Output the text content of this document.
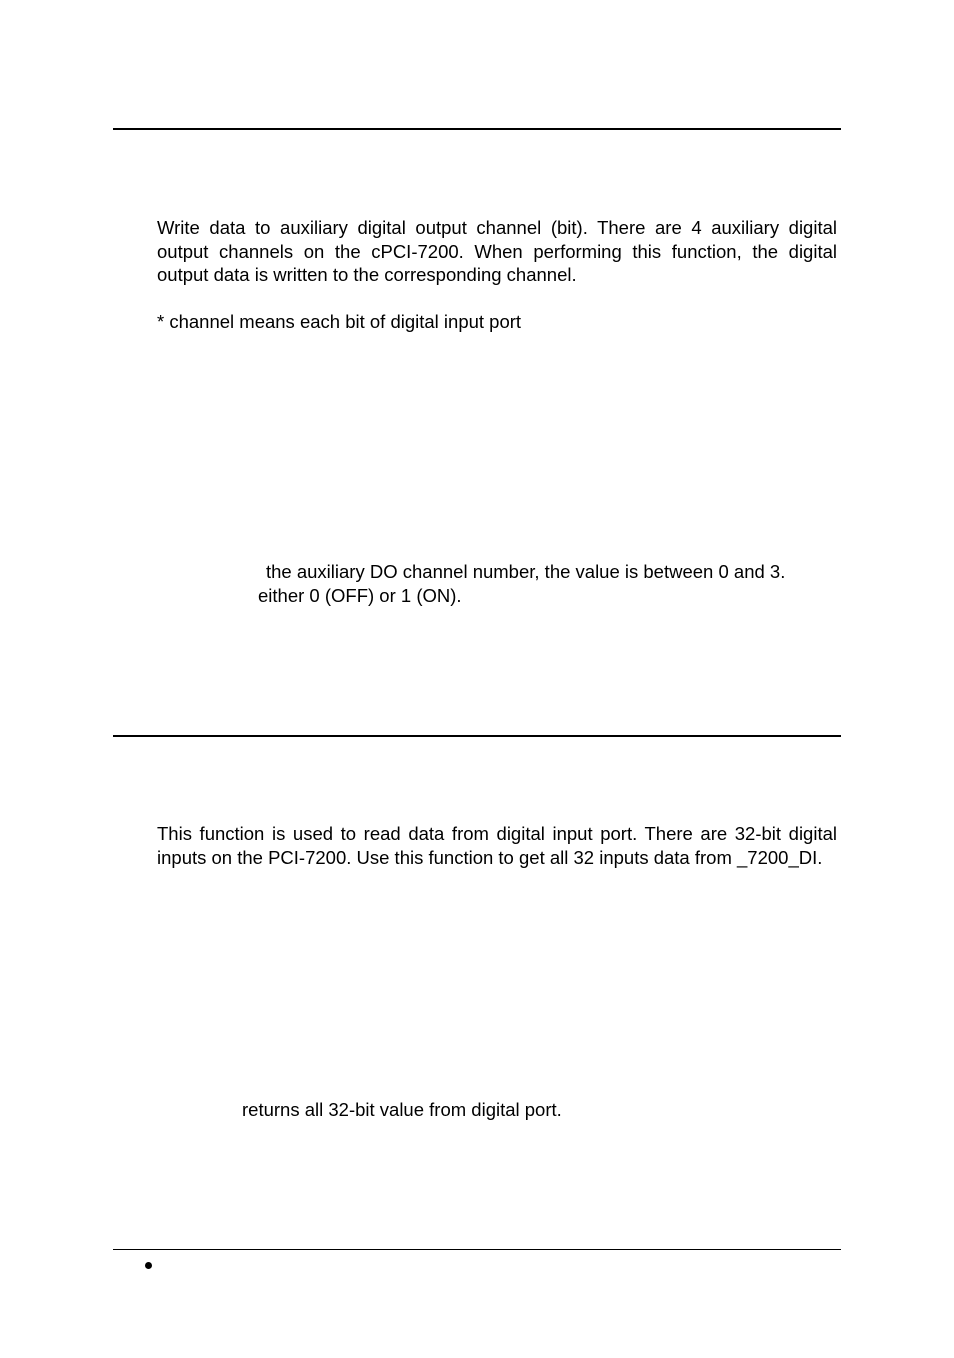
Write data to auxiliary digital output channel (bit). There are 4 auxiliary digital output channels on the cPCI-7200. When performing this function, the digital output data is written to the corresponding channel.

* channel means each bit of digital input port

the auxiliary DO channel number, the value is between 0 and 3.

either 0 (OFF) or 1 (ON).

This function is used to read data from digital input port. There are 32-bit digital inputs on the PCI-7200. Use this function to get all 32 inputs data from _7200_DI.

returns all 32-bit value from digital port.
